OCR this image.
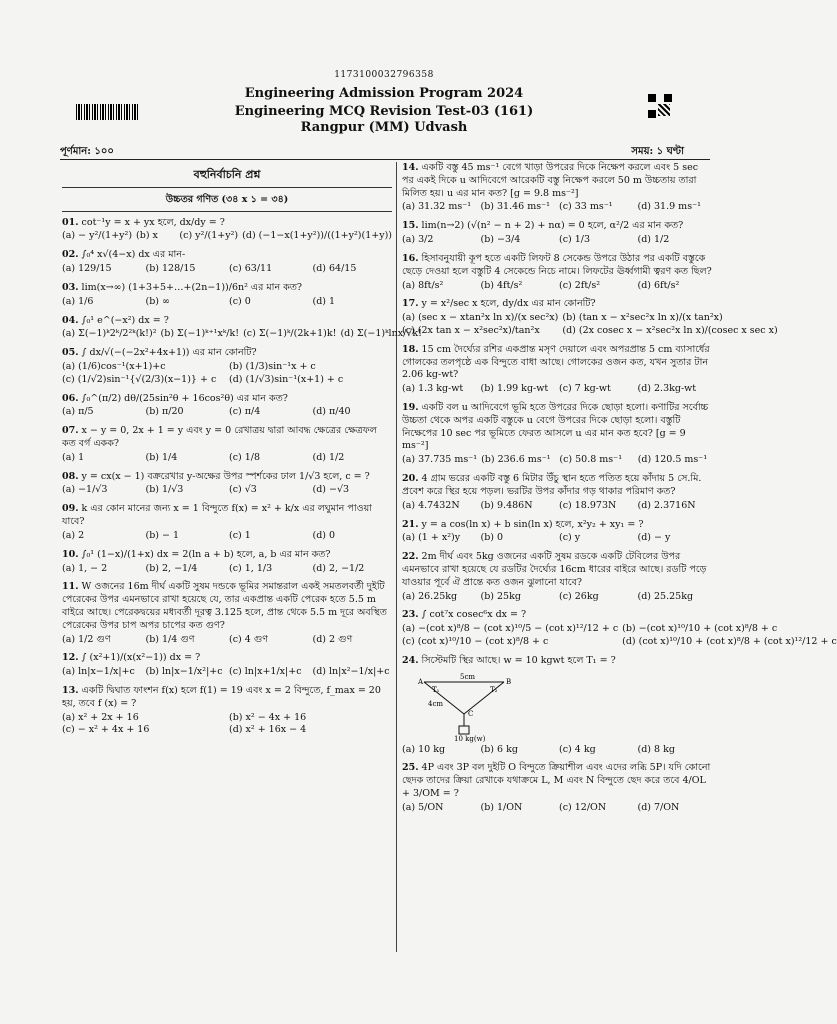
1173100032796358
Engineering Admission Program 2024
Engineering MCQ Revision Test-03 (161)
Rangpur (MM) Udvash
পূর্ণমান: ১০০	সময়: ১ ঘণ্টা
বহুনির্বাচনি প্রশ্ন
উচ্চতর গণিত (৩৪ x ১ = ৩৪)
01. cot⁻¹y = x + yx হলে, dx/dy = ?
(a) − y²/(1+y²) (b) x	(c) y²/(1+y²) (d) (−1−x(1+y²))/((1+y²)(1+y))
02. ∫₀⁴ x√(4−x) dx এর মান-
(a) 129/15	(b) 128/15	(c) 63/11	(d) 64/15
03. lim(x→∞) (1+3+5+…+(2n−1))/6n² এর মান কত?
(a) 1/6	(b) ∞	(c) 0	(d) 1
04. ∫₀¹ e^(−x²) dx = ?
(a) Σ(−1)ᵏ2ᵏ/2²ᵏ(k!)² (b) Σ(−1)ᵏ⁺¹xᵏ/k! (c) Σ(−1)ᵏ/(2k+1)k! (d) Σ(−1)ᵏlnx/√k!
05. ∫ dx/√(−(−2x²+4x+1)) এর মান কোনটি?
(a) (1/6)cos⁻¹(x+1)+c	(b) (1/3)sin⁻¹x + c
(c) (1/√2)sin⁻¹{√(2/3)(x−1)} + c	(d) (1/√3)sin⁻¹(x+1) + c
06. ∫₀^(π/2) dθ/(25sin²θ + 16cos²θ) এর মান কত?
(a) π/5	(b) π/20	(c) π/4	(d) π/40
07. x − y = 0, 2x + 1 = y এবং y = 0 রেখাত্রয় দ্বারা আবদ্ধ ক্ষেত্রের ক্ষেত্রফল কত বর্গ একক?
(a) 1	(b) 1/4	(c) 1/8	(d) 1/2
08. y = cx(x − 1) বক্ররেখার y-অক্ষের উপর স্পর্শকের ঢাল 1/√3 হলে, c = ?
(a) −1/√3	(b) 1/√3	(c) √3	(d) −√3
09. k এর কোন মানের জন্য x = 1 বিন্দুতে f(x) = x² + k/x এর লঘুমান পাওয়া যাবে?
(a) 2	(b) − 1	(c) 1	(d) 0
10. ∫₀¹ (1−x)/(1+x) dx = 2(ln a + b) হলে, a, b এর মান কত?
(a) 1, − 2	(b) 2, −1/4	(c) 1, 1/3	(d) 2, −1/2
11. W ওজনের 16m দীর্ঘ একটি সুষম দন্ডকে ভূমির সমান্তরাল একই সমতলবর্তী দুইটি পেরেকের উপর এমনভাবে রাখা হয়েছে যে, তার একপ্রান্ত একটি পেরেক হতে 5.5 m বাইরে আছে। পেরেকদ্বয়ের মধ্যবর্তী দূরত্ব 3.125 হলে, প্রান্ত থেকে 5.5 m দূরে অবস্থিত পেরেকের উপর চাপ অপর চাপের কত গুণ?
(a) 1/2 গুণ	(b) 1/4 গুণ	(c) 4 গুণ	(d) 2 গুণ
12. ∫ (x²+1)/(x(x²−1)) dx = ?
(a) ln|x−1/x|+c	(b) ln|x−1/x²|+c (c) ln|x+1/x|+c	(d) ln|x²−1/x|+c
13. একটি দ্বিঘাত ফাংশন f(x) হলে f(1) = 19 এবং x = 2 বিন্দুতে, f_max = 20 হয়, তবে f (x) = ?
(a) x² + 2x + 16	(b) x² − 4x + 16
(c) − x² + 4x + 16	(d) x² + 16x − 4
14. একটি বস্তু 45 ms⁻¹ বেগে খাড়া উপরের দিকে নিক্ষেপ করলে এবং 5 sec পর একই দিকে u আদিবেগে আরেকটি বস্তু নিক্ষেপ করলে 50 m উচ্চতায় তারা মিলিত হয়। u এর মান কত? [g = 9.8 ms⁻²]
(a) 31.32 ms⁻¹ (b) 31.46 ms⁻¹ (c) 33 ms⁻¹	(d) 31.9 ms⁻¹
15. lim(n→2) (√(n² − n + 2) + nα) = 0 হলে, α²/2 এর মান কত?
(a) 3/2	(b) −3/4	(c) 1/3	(d) 1/2
16. হিসাবনুযায়ী কূপ হতে একটি লিফট 8 সেকেন্ড উপরে উঠার পর একটি বস্তুকে ছেড়ে দেওয়া হলে বস্তুটি 4 সেকেন্ডে নিচে নামে। লিফটের ঊর্ধ্বগামী ত্বরণ কত ছিল?
(a) 8ft/s²	(b) 4ft/s²	(c) 2ft/s²	(d) 6ft/s²
17. y = x²/sec x হলে, dy/dx এর মান কোনটি?
(a) (sec x − xtan²x ln x)/(x sec²x) (b) (tan x − x²sec²x ln x)/(x tan²x)
(c) (2x tan x − x²sec²x)/tan²x	(d) (2x cosec x − x²sec²x ln x)/(cosec x sec x)
18. 15 cm দৈর্ঘ্যের রশির একপ্রান্ত মসৃণ দেয়ালে এবং অপরপ্রান্ত 5 cm ব্যাসার্ধের গোলকের তলপৃষ্ঠে এক বিন্দুতে বাধা আছে। গোলকের ওজন কত, যখন সুতার টান 2.06 kg-wt?
(a) 1.3 kg-wt	(b) 1.99 kg-wt	(c) 7 kg-wt	(d) 2.3kg-wt
19. একটি বল u আদিবেগে ভূমি হতে উপরের দিকে ছোড়া হলো। কণাটির সর্বোচ্চ উচ্চতা থেকে অপর একটি বস্তুকে u বেগে উপরের দিকে ছোড়া হলো। বস্তুটি নিক্ষেপের 10 sec পর ভূমিতে ফেরত আসলে u এর মান কত হবে? [g = 9 ms⁻²]
(a) 37.735 ms⁻¹ (b) 236.6 ms⁻¹ (c) 50.8 ms⁻¹	(d) 120.5 ms⁻¹
20. 4 গ্রাম ভরের একটি বস্তু 6 মিটার উঁচু স্থান হতে পতিত হয়ে কাঁদায় 5 সে.মি. প্রবেশ করে স্থির হয়ে পড়ল। ভরটির উপর কাঁদার গড় থাকার পরিমাণ কত?
(a) 4.7432N	(b) 9.486N	(c) 18.973N	(d) 2.3716N
21. y = a cos(ln x) + b sin(ln x) হলে, x²y₂ + xy₁ = ?
(a) (1 + x²)y	(b) 0	(c) y	(d) − y
22. 2m দীর্ঘ এবং 5kg ওজনের একটি সুষম রডকে একটি টেবিলের উপর এমনভাবে রাখা হয়েছে যে রডটির দৈর্ঘ্যের 16cm ধারের বাইরে আছে। রডটি পড়ে যাওয়ার পূর্বে ঐ প্রান্তে কত ওজন ঝুলানো যাবে?
(a) 26.25kg	(b) 25kg	(c) 26kg	(d) 25.25kg
23. ∫ cot⁷x cosec⁶x dx = ?
(a) −(cot x)⁸/8 − (cot x)¹⁰/5 − (cot x)¹²/12 + c (b) −(cot x)¹⁰/10 + (cot x)⁸/8 + c
(c) (cot x)¹⁰/10 − (cot x)⁸/8 + c	(d) (cot x)¹⁰/10 + (cot x)⁸/8 + (cot x)¹²/12 + c
24. সিস্টেমটি স্থির আছে। w = 10 kgwt হলে T₁ = ?
5cm
A	B
T₁	T₂
4cm
C
10 kg(w)
(a) 10 kg	(b) 6 kg	(c) 4 kg	(d) 8 kg
25. 4P এবং 3P বল দুইটি O বিন্দুতে ক্রিয়াশীল এবং এদের লব্ধি 5P। যদি কোনো ছেদক তাদের ক্রিয়া রেখাকে যথাক্রমে L, M এবং N বিন্দুতে ছেদ করে তবে 4/OL + 3/OM = ?
(a) 5/ON	(b) 1/ON	(c) 12/ON	(d) 7/ON
